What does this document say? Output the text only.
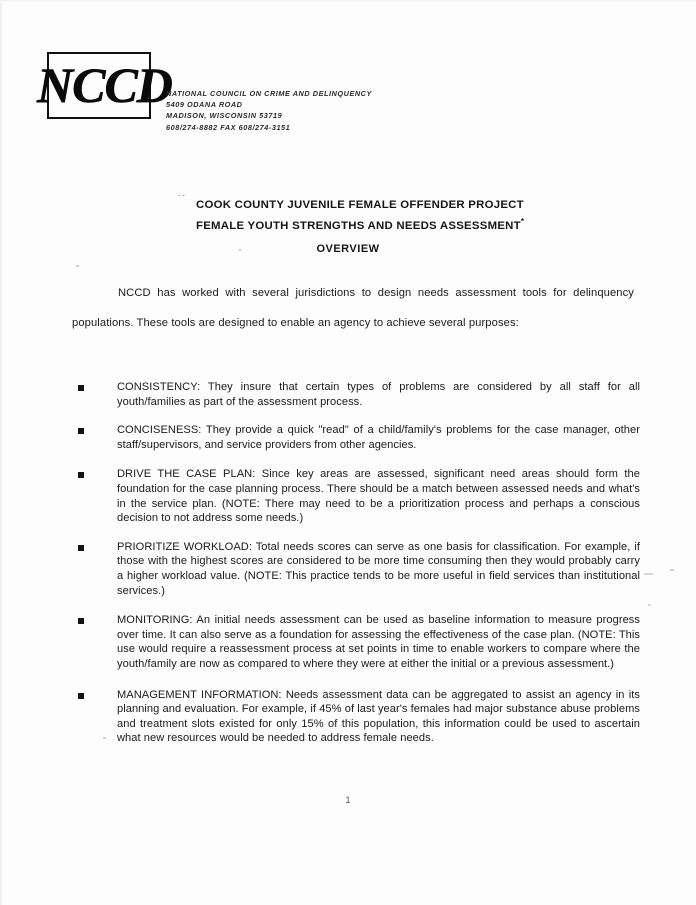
NCCD
NATIONAL COUNCIL ON CRIME AND DELINQUENCY
5409 ODANA ROAD
MADISON, WISCONSIN 53719
608/274-8882 FAX 608/274-3151
--
COOK COUNTY JUVENILE FEMALE OFFENDER PROJECT
FEMALE YOUTH STRENGTHS AND NEEDS ASSESSMENT*
OVERVIEW
NCCD has worked with several jurisdictions to design needs assessment tools for delinquency populations. These tools are designed to enable an agency to achieve several purposes:
CONSISTENCY: They insure that certain types of problems are considered by all staff for all youth/families as part of the assessment process.
CONCISENESS: They provide a quick "read" of a child/family's problems for the case manager, other staff/supervisors, and service providers from other agencies.
DRIVE THE CASE PLAN: Since key areas are assessed, significant need areas should form the foundation for the case planning process. There should be a match between assessed needs and what's in the service plan. (NOTE: There may need to be a prioritization process and perhaps a conscious decision to not address some needs.)
PRIORITIZE WORKLOAD: Total needs scores can serve as one basis for classification. For example, if those with the highest scores are considered to be more time consuming then they would probably carry a higher workload value. (NOTE: This practice tends to be more useful in field services than institutional services.)
MONITORING: An initial needs assessment can be used as baseline information to measure progress over time. It can also serve as a foundation for assessing the effectiveness of the case plan. (NOTE: This use would require a reassessment process at set points in time to enable workers to compare where the youth/family are now as compared to where they were at either the initial or a previous assessment.)
MANAGEMENT INFORMATION: Needs assessment data can be aggregated to assist an agency in its planning and evaluation. For example, if 45% of last year's females had major substance abuse problems and treatment slots existed for only 15% of this population, this information could be used to ascertain what new resources would be needed to address female needs.
1
